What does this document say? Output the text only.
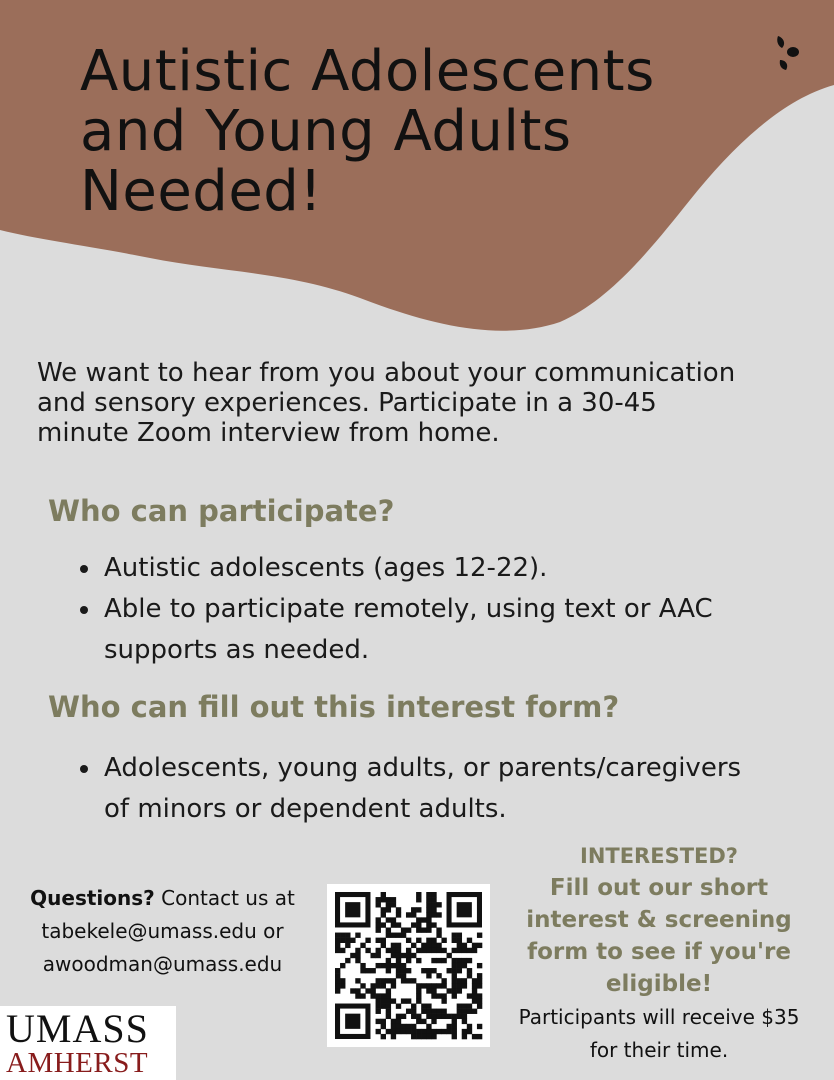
Autistic Adolescents
and Young Adults
Needed!
We want to hear from you about your communication
and sensory experiences. Participate in a 30-45
minute Zoom interview from home.
Who can participate?
Autistic adolescents (ages 12-22).
Able to participate remotely, using text or AAC
supports as needed.
Who can fill out this interest form?
Adolescents, young adults, or parents/caregivers
of minors or dependent adults.
Questions? Contact us at
tabekele@umass.edu or
awoodman@umass.edu
UMASS
AMHERST
INTERESTED?
Fill out our short
interest & screening
form to see if you're
eligible!
Participants will receive $35
for their time.
